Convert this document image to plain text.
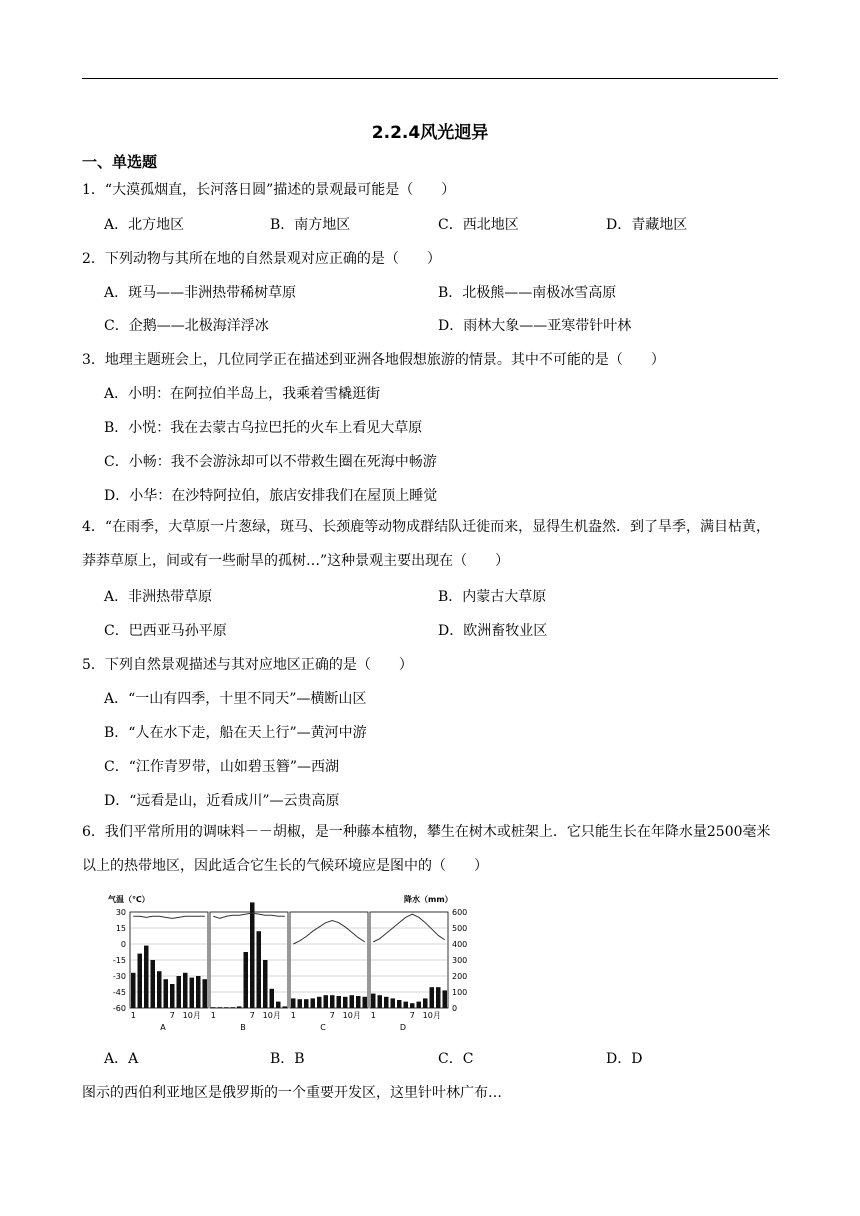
2.2.4风光迥异
一、单选题
1．“大漠孤烟直，长河落日圆”描述的景观最可能是（　　）
A．北方地区	B．南方地区	C．西北地区	D．青藏地区
2．下列动物与其所在地的自然景观对应正确的是（　　）
A．斑马——非洲热带稀树草原	B．北极熊——南极冰雪高原
C．企鹅——北极海洋浮冰	D．雨林大象——亚寒带针叶林
3．地理主题班会上，几位同学正在描述到亚洲各地假想旅游的情景。其中不可能的是（　　）
A．小明：在阿拉伯半岛上，我乘着雪橇逛街
B．小悦：我在去蒙古乌拉巴托的火车上看见大草原
C．小畅：我不会游泳却可以不带救生圈在死海中畅游
D．小华：在沙特阿拉伯，旅店安排我们在屋顶上睡觉
4．“在雨季，大草原一片葱绿，斑马、长颈鹿等动物成群结队迁徙而来，显得生机盎然．到了旱季，满目枯黄，莽莽草原上，间或有一些耐旱的孤树…”这种景观主要出现在（　　）
A．非洲热带草原	B．内蒙古大草原
C．巴西亚马孙平原	D．欧洲畜牧业区
5．下列自然景观描述与其对应地区正确的是（　　）
A．“一山有四季，十里不同天”—横断山区
B．“人在水下走，船在天上行”—黄河中游
C．“江作青罗带，山如碧玉簪”—西湖
D．“远看是山，近看成川”—云贵高原
6．我们平常所用的调味料－－胡椒，是一种藤本植物，攀生在树木或桩架上．它只能生长在年降水量2500毫米以上的热带地区，因此适合它生长的气候环境应是图中的（　　）
气温（℃）	降水（mm）
30
15
0
-15
-30
-45
-60
600
500
400
300
200
100
0
1	7 10月
A
1	7 10月
B
1	7 10月
C
1	7 10月
D
A．A	B．B	C．C	D．D
图示的西伯利亚地区是俄罗斯的一个重要开发区，这里针叶林广布…
